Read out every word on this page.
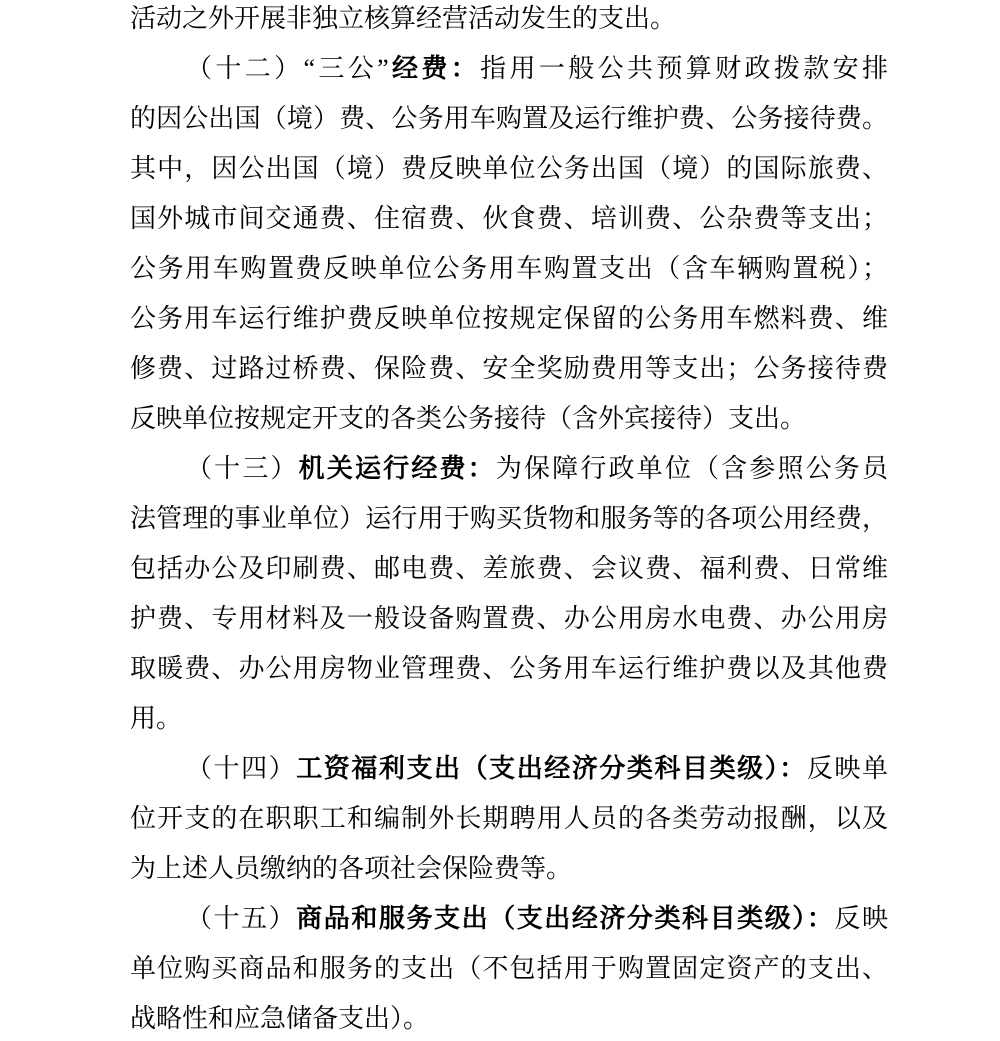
活动之外开展非独立核算经营活动发生的支出。
（十二）“三公”经费：指用一般公共预算财政拨款安排
的因公出国（境）费、公务用车购置及运行维护费、公务接待费。
其中，因公出国（境）费反映单位公务出国（境）的国际旅费、
国外城市间交通费、住宿费、伙食费、培训费、公杂费等支出；
公务用车购置费反映单位公务用车购置支出（含车辆购置税）；
公务用车运行维护费反映单位按规定保留的公务用车燃料费、维
修费、过路过桥费、保险费、安全奖励费用等支出；公务接待费
反映单位按规定开支的各类公务接待（含外宾接待）支出。
（十三）机关运行经费：为保障行政单位（含参照公务员
法管理的事业单位）运行用于购买货物和服务等的各项公用经费，
包括办公及印刷费、邮电费、差旅费、会议费、福利费、日常维
护费、专用材料及一般设备购置费、办公用房水电费、办公用房
取暖费、办公用房物业管理费、公务用车运行维护费以及其他费
用。
（十四）工资福利支出（支出经济分类科目类级）：反映单
位开支的在职职工和编制外长期聘用人员的各类劳动报酬，以及
为上述人员缴纳的各项社会保险费等。
（十五）商品和服务支出（支出经济分类科目类级）：反映
单位购买商品和服务的支出（不包括用于购置固定资产的支出、
战略性和应急储备支出）。
